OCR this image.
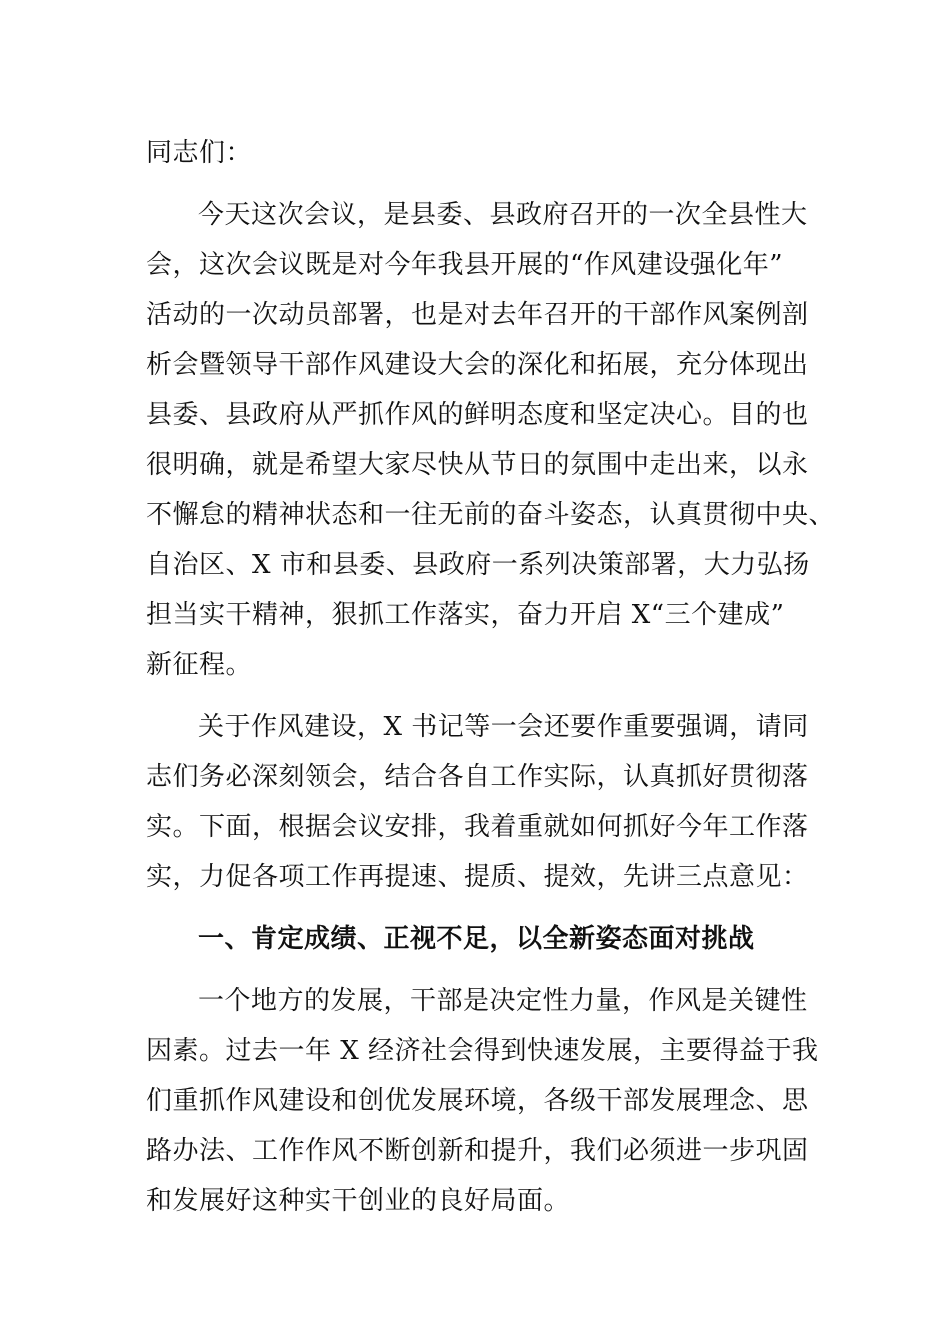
同志们：

今天这次会议，是县委、县政府召开的一次全县性大
会，这次会议既是对今年我县开展的“作风建设强化年”
活动的一次动员部署，也是对去年召开的干部作风案例剖
析会暨领导干部作风建设大会的深化和拓展，充分体现出
县委、县政府从严抓作风的鲜明态度和坚定决心。目的也
很明确，就是希望大家尽快从节日的氛围中走出来，以永
不懈怠的精神状态和一往无前的奋斗姿态，认真贯彻中央、
自治区、X 市和县委、县政府一系列决策部署，大力弘扬
担当实干精神，狠抓工作落实，奋力开启 X“三个建成”
新征程。

关于作风建设，X 书记等一会还要作重要强调，请同
志们务必深刻领会，结合各自工作实际，认真抓好贯彻落
实。下面，根据会议安排，我着重就如何抓好今年工作落
实，力促各项工作再提速、提质、提效，先讲三点意见：

一、肯定成绩、正视不足，以全新姿态面对挑战

一个地方的发展，干部是决定性力量，作风是关键性
因素。过去一年 X 经济社会得到快速发展，主要得益于我
们重抓作风建设和创优发展环境，各级干部发展理念、思
路办法、工作作风不断创新和提升，我们必须进一步巩固
和发展好这种实干创业的良好局面。
